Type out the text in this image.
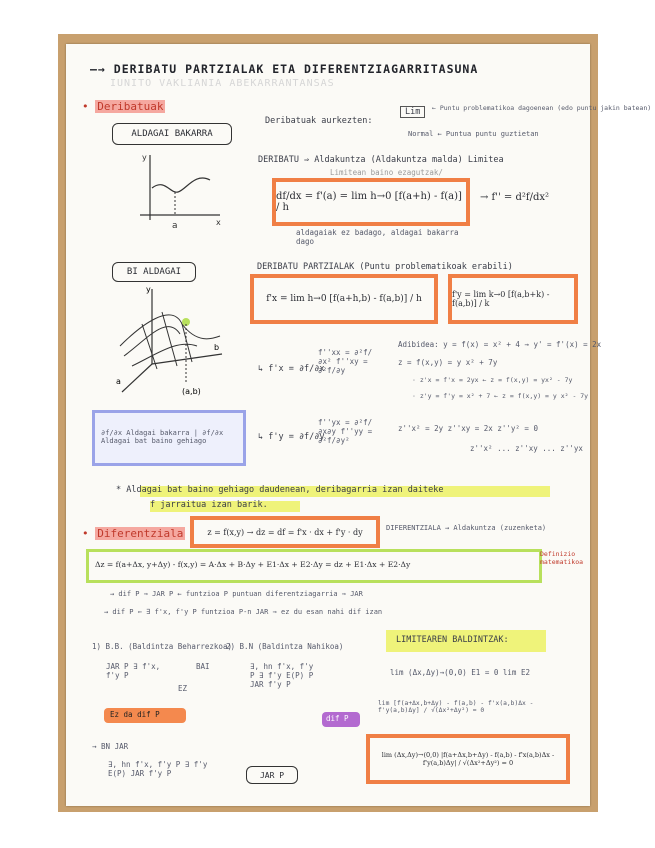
—→ DERIBATU PARTZIALAK ETA DIFERENTZIAGARRITASUNA
IUNITO VAKLIANIA ABEKARRANTANSAS
• Deribatuak
ALDAGAI BAKARRA
y
x
a
BI ALDAGAI
y
b
a
(a,b)
∂f/∂x Aldagai bakarra | ∂f/∂x Aldagai bat baino gehiago
Deribatuak aurkezten:
Lim	← Puntu problematikoa dagoenean (edo puntu jakin batean)
Normal ← Puntua puntu guztietan
DERIBATU ⇒ Aldakuntza (Aldakuntza malda) Limitea
Limitean baino ezagutzak/
df/dx = f'(a) = lim h→0 [f(a+h) - f(a)] / h
→ f'' = d²f/dx²
aldagaiak ez badago, aldagai bakarra dago
DERIBATU PARTZIALAK (Puntu problematikoak erabili)
f'x = lim h→0 [f(a+h,b) - f(a,b)] / h	f'y = lim k→0 [f(a,b+k) - f(a,b)] / k
↳ f'x = ∂f/∂x
f''xx = ∂²f/∂x² f''xy = ∂²f/∂y
↳ f'y = ∂f/∂y
f''yx = ∂²f/∂x∂y f''yy = ∂²f/∂y²
Adibidea: y = f(x) = x² + 4 → y' = f'(x) = 2x
z = f(x,y) = y x² + 7y
· z'x = f'x = 2yx ← z = f(x,y) = yx² - 7y
· z'y = f'y = x² + 7 ← z = f(x,y) = y x² - 7y
z''x² = 2y z''xy = 2x z''y² = 0
z''x² ... z''xy ... z''yx
* Aldagai bat baino gehiago daudenean, deribagarria izan daiteke
f jarraitua izan barik.
• Diferentziala	z = f(x,y) → dz = df = f'x · dx + f'y · dy	DIFERENTZIALA → Aldakuntza (zuzenketa)
Δz = f(a+Δx, y+Δy) - f(x,y) = A·Δx + B·Δy + E1·Δx + E2·Δy = dz + E1·Δx + E2·Δy
Definizio matematikoa
→ dif P ⇒ JAR P ← funtzioa P puntuan diferentziagarria ⇒ JAR
→ dif P ⇐ ∃ f'x, f'y P funtzioa P-n JAR ⇒ ez du esan nahi dif izan
1) B.B. (Baldintza Beharrezkoa)
JAR P ∃ f'x, f'y P
EZ
2) B.N (Baldintza Nahikoa)
∃, hn f'x, f'y P ∃ f'y E(P) P JAR f'y P
BAI
Ez da dif P	dif P
LIMITEAREN BALDINTZAK:
lim (Δx,Δy)→(0,0) E1 = 0 lim E2
lim [f(a+Δx,b+Δy) - f(a,b) - f'x(a,b)Δx - f'y(a,b)Δy] / √(Δx²+Δy²) = 0
→ BN JAR
∃, hn f'x, f'y P ∃ f'y E(P) JAR f'y P	JAR P
lim (Δx,Δy)→(0,0) |f(a+Δx,b+Δy) - f(a,b) - f'x(a,b)Δx - f'y(a,b)Δy| / √(Δx²+Δy²) = 0
